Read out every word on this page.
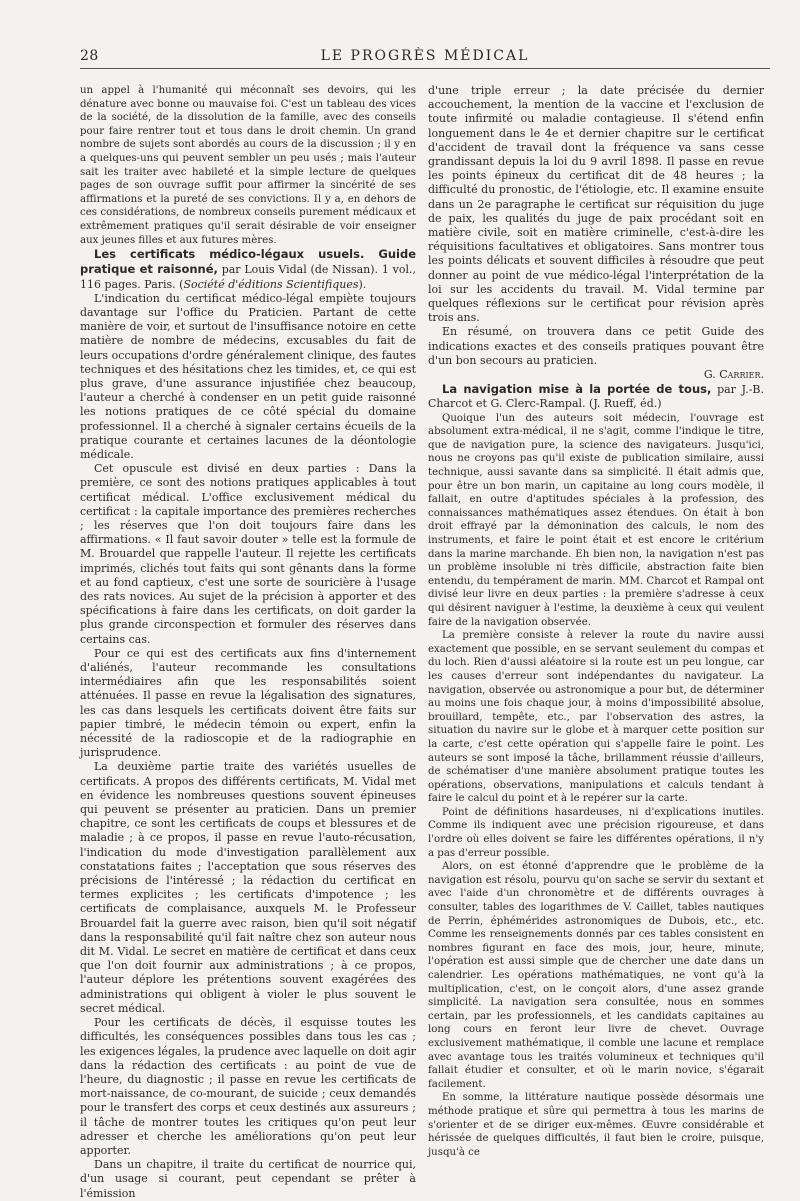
28	LE PROGRÈS MÉDICAL

un appel à l'humanité qui méconnaît ses devoirs, qui les dénature avec bonne ou mauvaise foi. C'est un tableau des vices de la société, de la dissolution de la famille, avec des conseils pour faire rentrer tout et tous dans le droit chemin. Un grand nombre de sujets sont abordés au cours de la discussion ; il y en a quelques-uns qui peuvent sembler un peu usés ; mais l'auteur sait les traiter avec habileté et la simple lecture de quelques pages de son ouvrage suffit pour affirmer la sincérité de ses affirmations et la pureté de ses convictions. Il y a, en dehors de ces considérations, de nombreux conseils purement médicaux et extrêmement pratiques qu'il serait désirable de voir enseigner aux jeunes filles et aux futures mères.

Les certificats médico-légaux usuels. Guide pratique et raisonné, par Louis Vidal (de Nissan). 1 vol., 116 pages. Paris. (Société d'éditions Scientifiques).

L'indication du certificat médico-légal empiète toujours davantage sur l'office du Praticien. Partant de cette manière de voir, et surtout de l'insuffisance notoire en cette matière de nombre de médecins, excusables du fait de leurs occupations d'ordre généralement clinique, des fautes techniques et des hésitations chez les timides, et, ce qui est plus grave, d'une assurance injustifiée chez beaucoup, l'auteur a cherché à condenser en un petit guide raisonné les notions pratiques de ce côté spécial du domaine professionnel. Il a cherché à signaler certains écueils de la pratique courante et certaines lacunes de la déontologie médicale.

Cet opuscule est divisé en deux parties : Dans la première, ce sont des notions pratiques applicables à tout certificat médical. L'office exclusivement médical du certificat : la capitale importance des premières recherches ; les réserves que l'on doit toujours faire dans les affirmations. « Il faut savoir douter » telle est la formule de M. Brouardel que rappelle l'auteur. Il rejette les certificats imprimés, clichés tout faits qui sont gênants dans la forme et au fond captieux, c'est une sorte de souricière à l'usage des rats novices. Au sujet de la précision à apporter et des spécifications à faire dans les certificats, on doit garder la plus grande circonspection et formuler des réserves dans certains cas.

Pour ce qui est des certificats aux fins d'internement d'aliénés, l'auteur recommande les consultations intermédiaires afin que les responsabilités soient atténuées. Il passe en revue la légalisation des signatures, les cas dans lesquels les certificats doivent être faits sur papier timbré, le médecin témoin ou expert, enfin la nécessité de la radioscopie et de la radiographie en jurisprudence.

La deuxième partie traite des variétés usuelles de certificats. A propos des différents certificats, M. Vidal met en évidence les nombreuses questions souvent épineuses qui peuvent se présenter au praticien. Dans un premier chapitre, ce sont les certificats de coups et blessures et de maladie ; à ce propos, il passe en revue l'auto-récusation, l'indication du mode d'investigation parallèlement aux constatations faites ; l'acceptation que sous réserves des précisions de l'intéressé ; la rédaction du certificat en termes explicites ; les certificats d'impotence ; les certificats de complaisance, auxquels M. le Professeur Brouardel fait la guerre avec raison, bien qu'il soit négatif dans la responsabilité qu'il fait naître chez son auteur nous dit M. Vidal. Le secret en matière de certificat et dans ceux que l'on doit fournir aux administrations ; à ce propos, l'auteur déplore les prétentions souvent exagérées des administrations qui obligent à violer le plus souvent le secret médical.

Pour les certificats de décès, il esquisse toutes les difficultés, les conséquences possibles dans tous les cas ; les exigences légales, la prudence avec laquelle on doit agir dans la rédaction des certificats : au point de vue de l'heure, du diagnostic ; il passe en revue les certificats de mort-naissance, de co-mourant, de suicide ; ceux demandés pour le transfert des corps et ceux destinés aux assureurs ; il tâche de montrer toutes les critiques qu'on peut leur adresser et cherche les améliorations qu'on peut leur apporter.

Dans un chapitre, il traite du certificat de nourrice qui, d'un usage si courant, peut cependant se prêter à l'émission

d'une triple erreur ; la date précisée du dernier accouchement, la mention de la vaccine et l'exclusion de toute infirmité ou maladie contagieuse. Il s'étend enfin longuement dans le 4e et dernier chapitre sur le certificat d'accident de travail dont la fréquence va sans cesse grandissant depuis la loi du 9 avril 1898. Il passe en revue les points épineux du certificat dit de 48 heures ; la difficulté du pronostic, de l'étiologie, etc. Il examine ensuite dans un 2e paragraphe le certificat sur réquisition du juge de paix, les qualités du juge de paix procédant soit en matière civile, soit en matière criminelle, c'est-à-dire les réquisitions facultatives et obligatoires. Sans montrer tous les points délicats et souvent difficiles à résoudre que peut donner au point de vue médico-légal l'interprétation de la loi sur les accidents du travail. M. Vidal termine par quelques réflexions sur le certificat pour révision après trois ans.

En résumé, on trouvera dans ce petit Guide des indications exactes et des conseils pratiques pouvant être d'un bon secours au praticien.

G. Carrier.

La navigation mise à la portée de tous, par J.-B. Charcot et G. Clerc-Rampal. (J. Rueff, éd.)

Quoique l'un des auteurs soit médecin, l'ouvrage est absolument extra-médical, il ne s'agit, comme l'indique le titre, que de navigation pure, la science des navigateurs. Jusqu'ici, nous ne croyons pas qu'il existe de publication similaire, aussi technique, aussi savante dans sa simplicité. Il était admis que, pour être un bon marin, un capitaine au long cours modèle, il fallait, en outre d'aptitudes spéciales à la profession, des connaissances mathématiques assez étendues. On était à bon droit effrayé par la démonination des calculs, le nom des instruments, et faire le point était et est encore le critérium dans la marine marchande. Eh bien non, la navigation n'est pas un problème insoluble ni très difficile, abstraction faite bien entendu, du tempérament de marin. MM. Charcot et Rampal ont divisé leur livre en deux parties : la première s'adresse à ceux qui désirent naviguer à l'estime, la deuxième à ceux qui veulent faire de la navigation observée.

La première consiste à relever la route du navire aussi exactement que possible, en se servant seulement du compas et du loch. Rien d'aussi aléatoire si la route est un peu longue, car les causes d'erreur sont indépendantes du navigateur. La navigation, observée ou astronomique a pour but, de déterminer au moins une fois chaque jour, à moins d'impossibilité absolue, brouillard, tempête, etc., par l'observation des astres, la situation du navire sur le globe et à marquer cette position sur la carte, c'est cette opération qui s'appelle faire le point. Les auteurs se sont imposé la tâche, brillamment réussie d'ailleurs, de schématiser d'une manière absolument pratique toutes les opérations, observations, manipulations et calculs tendant à faire le calcul du point et à le repérer sur la carte.

Point de définitions hasardeuses, ni d'explications inutiles. Comme ils indiquent avec une précision rigoureuse, et dans l'ordre où elles doivent se faire les différentes opérations, il n'y a pas d'erreur possible.

Alors, on est étonné d'apprendre que le problème de la navigation est résolu, pourvu qu'on sache se servir du sextant et avec l'aide d'un chronomètre et de différents ouvrages à consulter, tables des logarithmes de V. Caillet, tables nautiques de Perrin, éphémérides astronomiques de Dubois, etc., etc. Comme les renseignements donnés par ces tables consistent en nombres figurant en face des mois, jour, heure, minute, l'opération est aussi simple que de chercher une date dans un calendrier. Les opérations mathématiques, ne vont qu'à la multiplication, c'est, on le conçoit alors, d'une assez grande simplicité. La navigation sera consultée, nous en sommes certain, par les professionnels, et les candidats capitaines au long cours en feront leur livre de chevet. Ouvrage exclusivement mathématique, il comble une lacune et remplace avec avantage tous les traités volumineux et techniques qu'il fallait étudier et consulter, et où le marin novice, s'égarait facilement.

En somme, la littérature nautique possède désormais une méthode pratique et sûre qui permettra à tous les marins de s'orienter et de se diriger eux-mêmes. Œuvre considérable et hérissée de quelques difficultés, il faut bien le croire, puisque, jusqu'à ce
